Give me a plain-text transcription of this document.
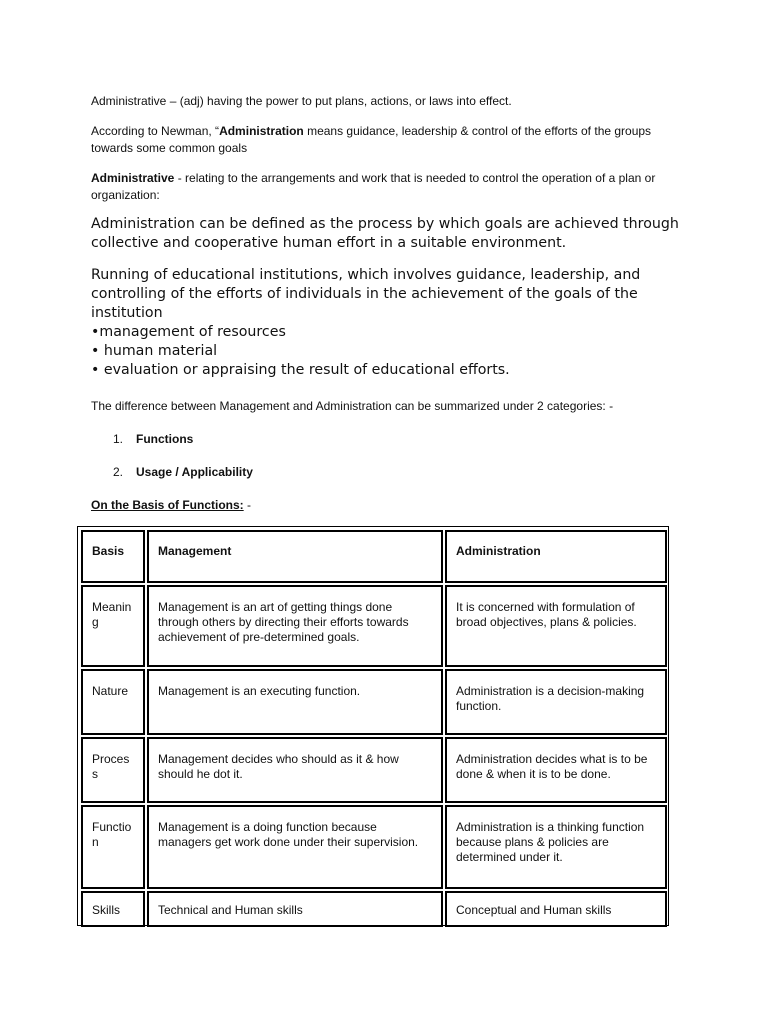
Administrative – (adj) having the power to put plans, actions, or laws into effect.
According to Newman, “Administration means guidance, leadership & control of the efforts of the groups towards some common goals
Administrative - relating to the arrangements and work that is needed to control the operation of a plan or organization:
Administration can be defined as the process by which goals are achieved through collective and cooperative human effort in a suitable environment.
Running of educational institutions, which involves guidance, leadership, and controlling of the efforts of individuals in the achievement of the goals of the institution
•management of resources
• human material
• evaluation or appraising the result of educational efforts.
The difference between Management and Administration can be summarized under 2 categories: -
1. Functions
2. Usage / Applicability
On the Basis of Functions: -
Basis	Management	Administration
Meaning	Management is an art of getting things done through others by directing their efforts towards achievement of pre-determined goals.	It is concerned with formulation of broad objectives, plans & policies.
Nature	Management is an executing function.	Administration is a decision-making function.
Process	Management decides who should as it & how should he dot it.	Administration decides what is to be done & when it is to be done.
Function	Management is a doing function because managers get work done under their supervision.	Administration is a thinking function because plans & policies are determined under it.
Skills	Technical and Human skills	Conceptual and Human skills
